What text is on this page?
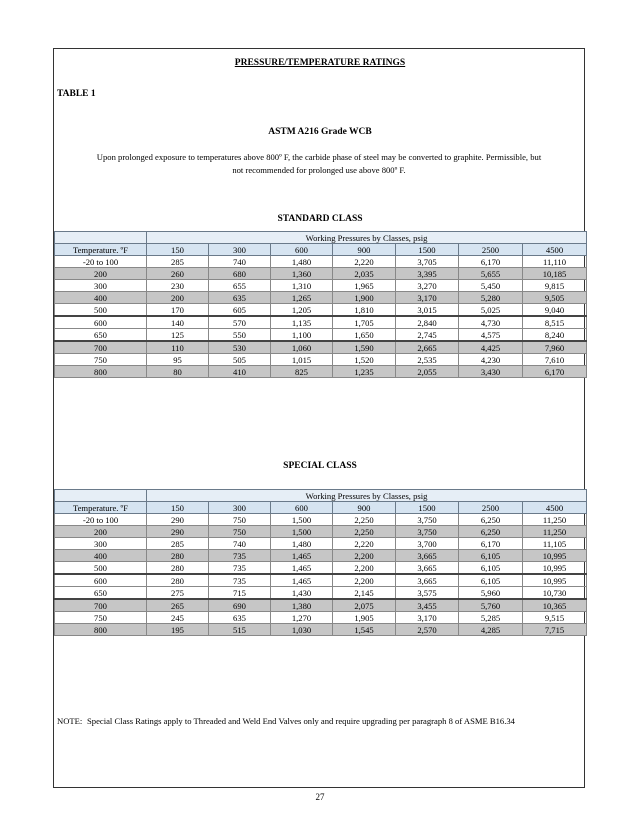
PRESSURE/TEMPERATURE RATINGS
TABLE 1
ASTM A216 Grade WCB
Upon prolonged exposure to temperatures above 800º F, the carbide phase of steel may be converted to graphite. Permissible, but not recommended for prolonged use above 800º F.
STANDARD CLASS
	Working Pressures by Classes, psig						
Temperature. ºF	150	300	600	900	1500	2500	4500
-20 to 100	285	740	1,480	2,220	3,705	6,170	11,110
200	260	680	1,360	2,035	3,395	5,655	10,185
300	230	655	1,310	1,965	3,270	5,450	9,815
400	200	635	1,265	1,900	3,170	5,280	9,505
500	170	605	1,205	1,810	3,015	5,025	9,040
600	140	570	1,135	1,705	2,840	4,730	8,515
650	125	550	1,100	1,650	2,745	4,575	8,240
700	110	530	1,060	1,590	2,665	4,425	7,960
750	95	505	1,015	1,520	2,535	4,230	7,610
800	80	410	825	1,235	2,055	3,430	6,170
SPECIAL CLASS
	Working Pressures by Classes, psig						
Temperature. ºF	150	300	600	900	1500	2500	4500
-20 to 100	290	750	1,500	2,250	3,750	6,250	11,250
200	290	750	1,500	2,250	3,750	6,250	11,250
300	285	740	1,480	2,220	3,700	6,170	11,105
400	280	735	1,465	2,200	3,665	6,105	10,995
500	280	735	1,465	2,200	3,665	6,105	10,995
600	280	735	1,465	2,200	3,665	6,105	10,995
650	275	715	1,430	2,145	3,575	5,960	10,730
700	265	690	1,380	2,075	3,455	5,760	10,365
750	245	635	1,270	1,905	3,170	5,285	9,515
800	195	515	1,030	1,545	2,570	4,285	7,715
NOTE: Special Class Ratings apply to Threaded and Weld End Valves only and require upgrading per paragraph 8 of ASME B16.34
27
